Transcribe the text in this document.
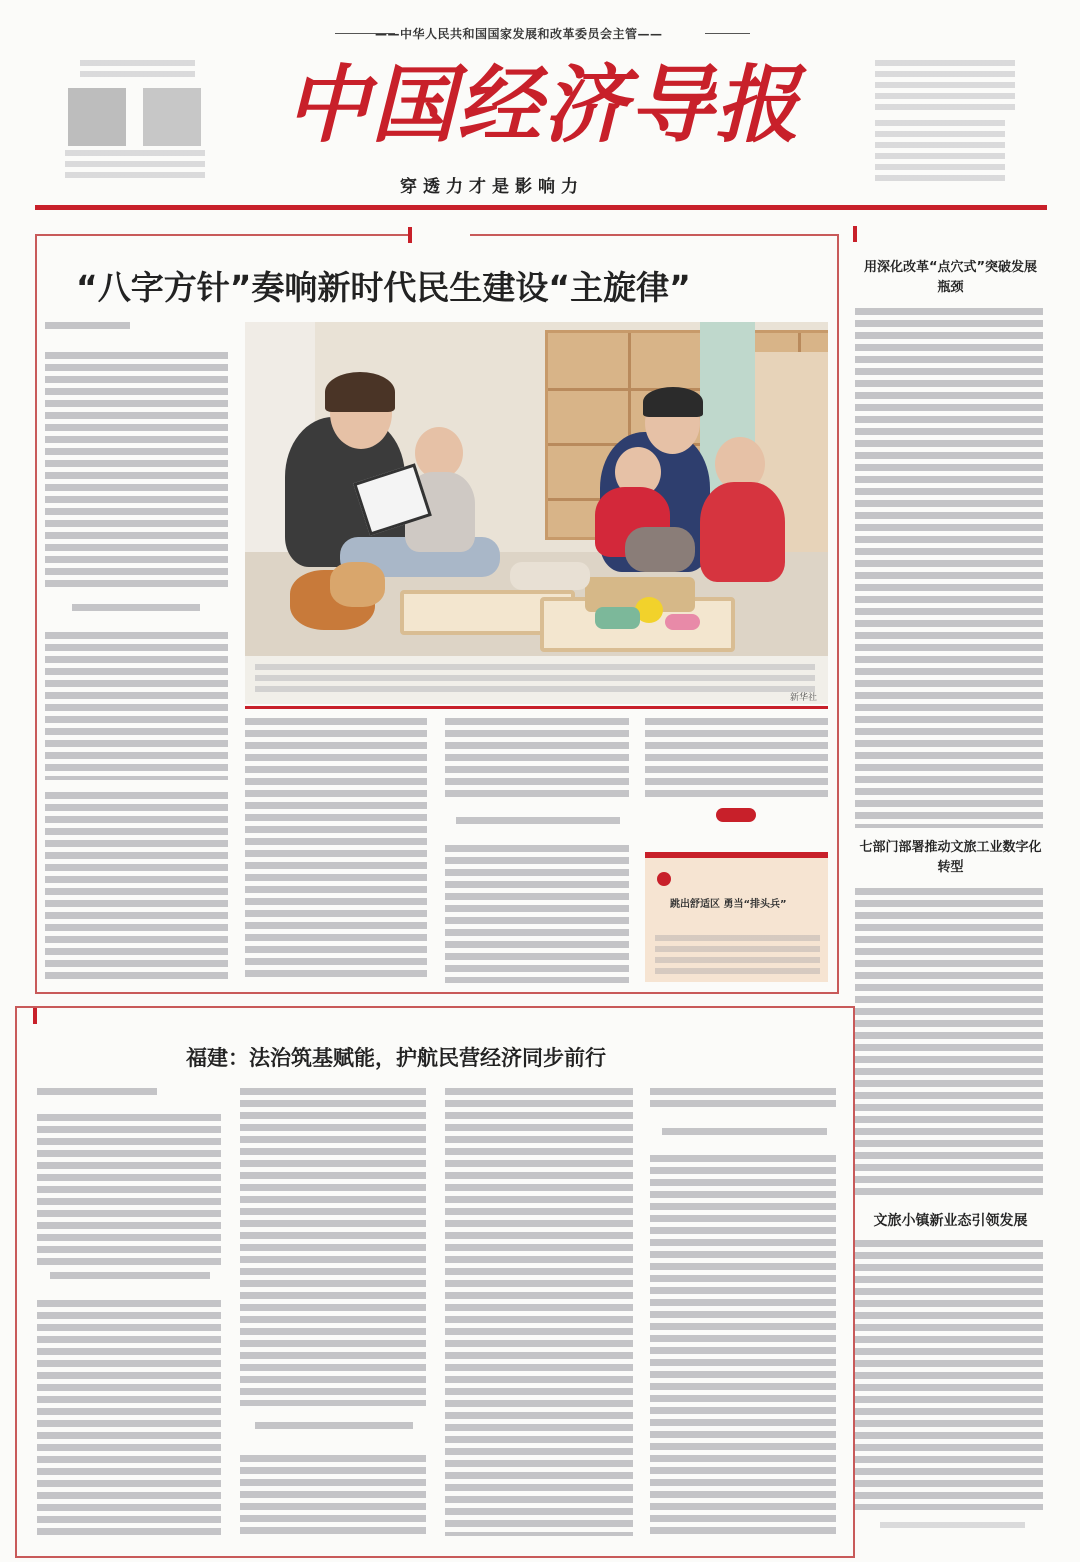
——中华人民共和国国家发展和改革委员会主管——
中国经济导报
穿透力才是影响力
“八字方针”奏响新时代民生建设“主旋律”
新华社
跳出舒适区 勇当“排头兵”
福建：法治筑基赋能，护航民营经济同步前行
用深化改革“点穴式”突破发展瓶颈
七部门部署推动文旅工业数字化转型
文旅小镇新业态引领发展
